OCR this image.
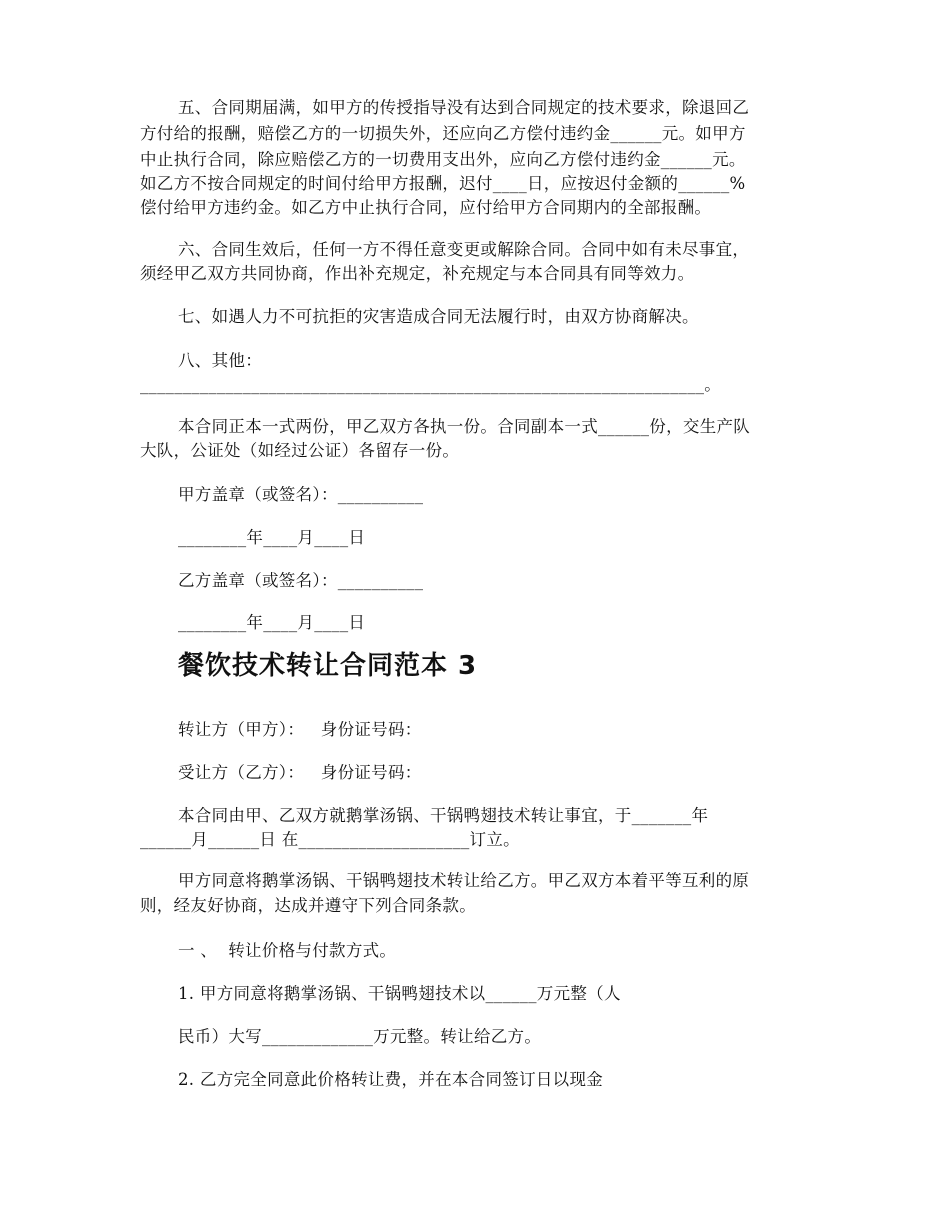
五、合同期届满，如甲方的传授指导没有达到合同规定的技术要求，除退回乙
方付给的报酬，赔偿乙方的一切损失外，还应向乙方偿付违约金______元。如甲方
中止执行合同，除应赔偿乙方的一切费用支出外，应向乙方偿付违约金______元。
如乙方不按合同规定的时间付给甲方报酬，迟付____日，应按迟付金额的______%
偿付给甲方违约金。如乙方中止执行合同，应付给甲方合同期内的全部报酬。
六、合同生效后，任何一方不得任意变更或解除合同。合同中如有未尽事宜，
须经甲乙双方共同协商，作出补充规定，补充规定与本合同具有同等效力。
七、如遇人力不可抗拒的灾害造成合同无法履行时，由双方协商解决。
八、其他：
__________________________________________________________________。
本合同正本一式两份，甲乙双方各执一份。合同副本一式______份，交生产队
大队，公证处（如经过公证）各留存一份。
甲方盖章（或签名）：__________
________年____月____日
乙方盖章（或签名）：__________
________年____月____日
餐饮技术转让合同范本 3
转让方（甲方）：   身份证号码：
受让方（乙方）：   身份证号码：
本合同由甲、乙双方就鹅掌汤锅、干锅鸭翅技术转让事宜，于_______年
______月______日 在____________________订立。
甲方同意将鹅掌汤锅、干锅鸭翅技术转让给乙方。甲乙双方本着平等互利的原
则，经友好协商，达成并遵守下列合同条款。
一 、  转让价格与付款方式。
1. 甲方同意将鹅掌汤锅、干锅鸭翅技术以______万元整（人
民币）大写_____________万元整。转让给乙方。
2. 乙方完全同意此价格转让费，并在本合同签订日以现金
